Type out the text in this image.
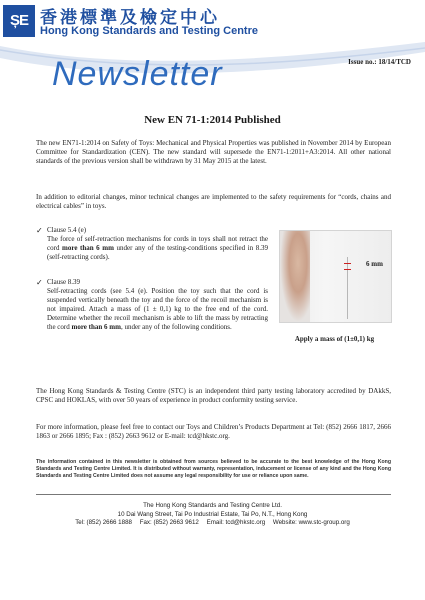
ȘE 香港標準及檢定中心
Hong Kong Standards and Testing Centre
Issue no.: 18/14/TCD
Newsletter
New EN 71-1:2014 Published
The new EN71-1:2014 on Safety of Toys: Mechanical and Physical Properties was published in November 2014 by European Committee for Standardization (CEN). The new standard will supersede the EN71-1:2011+A3:2014. All other national standards of the previous version shall be withdrawn by 31 May 2015 at the latest.
In addition to editorial changes, minor technical changes are implemented to the safety requirements for “cords, chains and electrical cables” in toys.
✓ Clause 5.4 (e)
The force of self-retraction mechanisms for cords in toys shall not retract the cord more than 6 mm under any of the testing-conditions specified in 8.39 (self-retracting cords).
✓ Clause 8.39
Self-retracting cords (see 5.4 (e). Position the toy such that the cord is suspended vertically beneath the toy and the force of the recoil mechanism is not impaired. Attach a mass of (1 ± 0,1) kg to the free end of the cord. Determine whether the recoil mechanism is able to lift the mass by retracting the cord more than 6 mm, under any of the following conditions.
6 mm
Apply a mass of (1±0,1) kg
The Hong Kong Standards & Testing Centre (STC) is an independent third party testing laboratory accredited by DAkkS, CPSC and HOKLAS, with over 50 years of experience in product conformity testing service.
For more information, please feel free to contact our Toys and Children’s Products Department at Tel: (852) 2666 1817, 2666 1863 or 2666 1895; Fax : (852) 2663 9612 or E-mail: tcd@hkstc.org.
The information contained in this newsletter is obtained from sources believed to be accurate to the best knowledge of the Hong Kong Standards and Testing Centre Limited. It is distributed without warranty, representation, inducement or license of any kind and the Hong Kong Standards and Testing Centre Limited does not assume any legal responsibility for use or reliance upon same.
The Hong Kong Standards and Testing Centre Ltd.
10 Dai Wang Street, Tai Po Industrial Estate, Tai Po, N.T., Hong Kong
Tel: (852) 2666 1888 Fax: (852) 2663 9612 Email: tcd@hkstc.org Website: www.stc-group.org
